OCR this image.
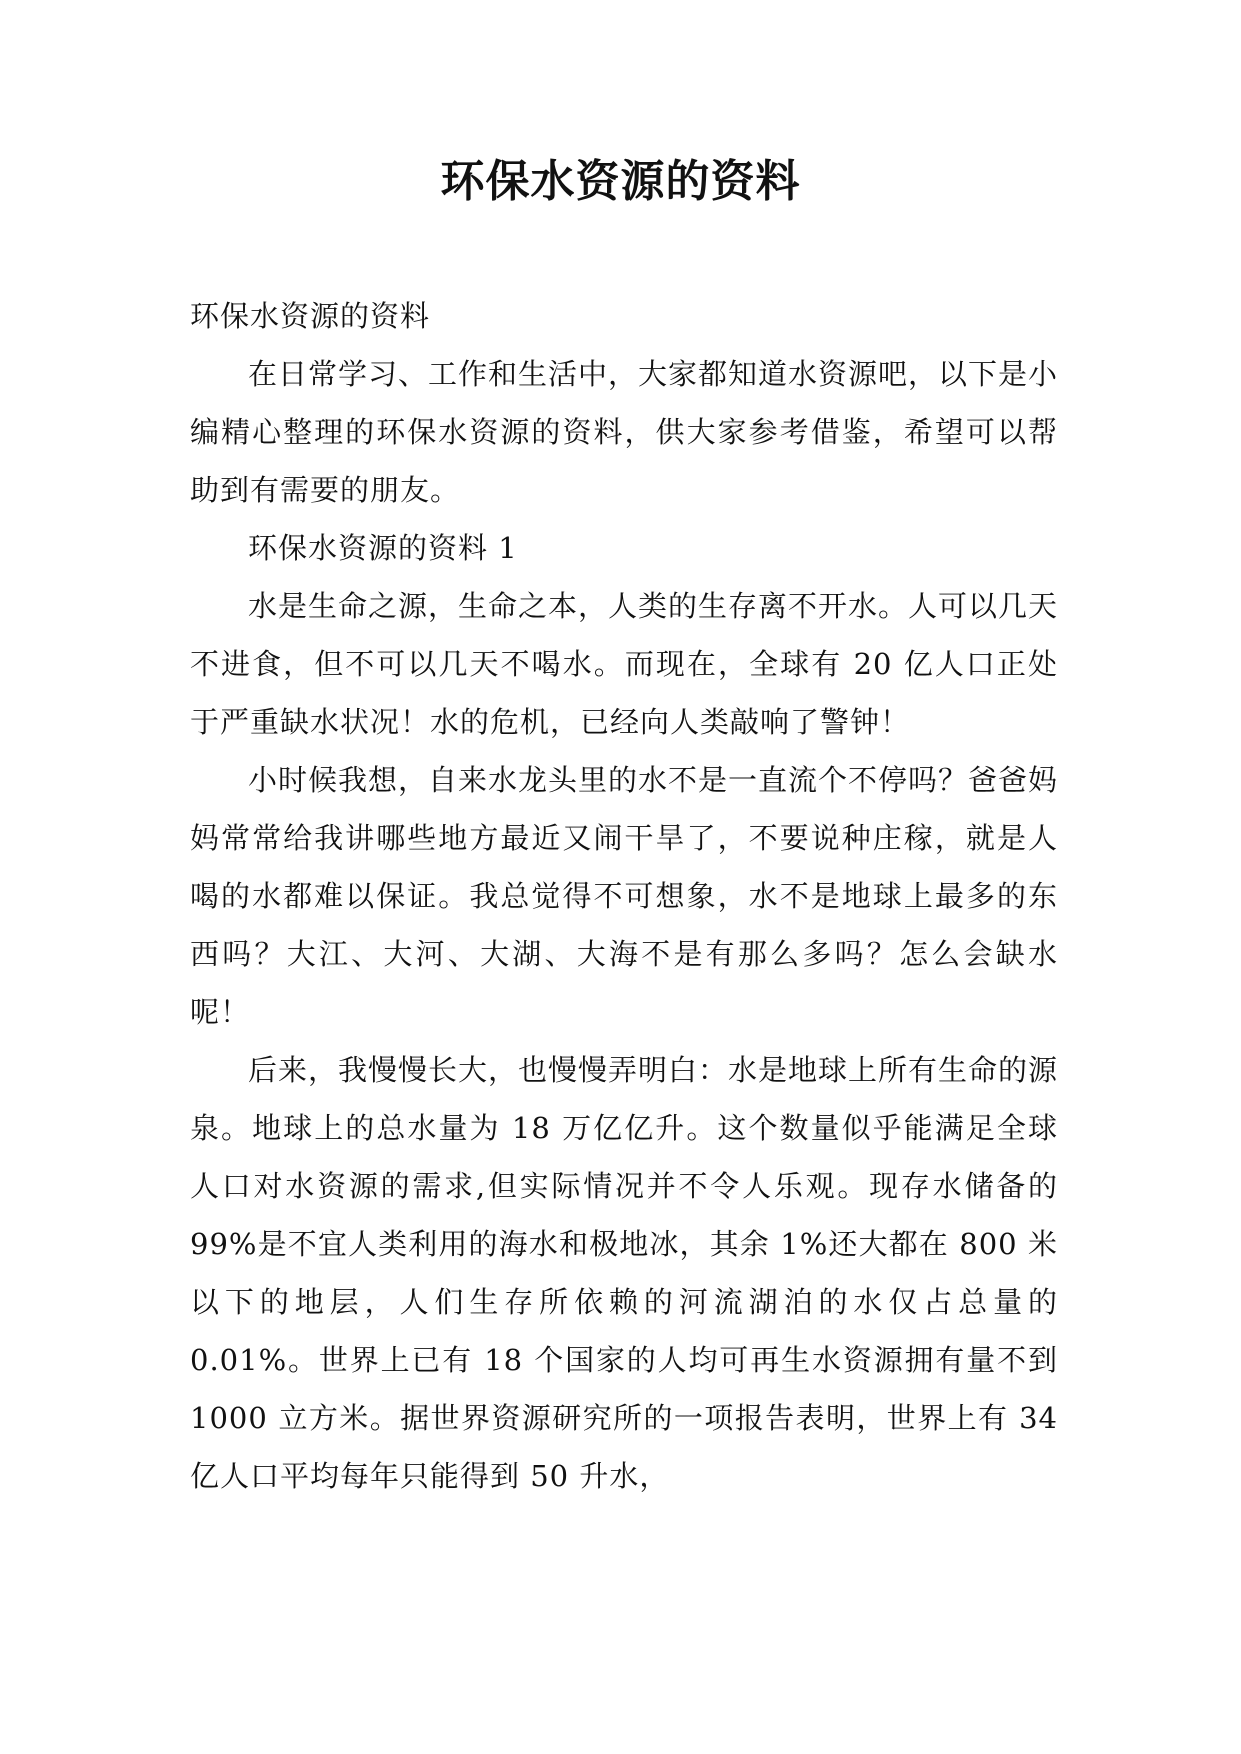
环保水资源的资料

环保水资源的资料

在日常学习、工作和生活中，大家都知道水资源吧，以下是小编精心整理的环保水资源的资料，供大家参考借鉴，希望可以帮助到有需要的朋友。

环保水资源的资料 1

水是生命之源，生命之本，人类的生存离不开水。人可以几天不进食，但不可以几天不喝水。而现在，全球有 20 亿人口正处于严重缺水状况！水的危机，已经向人类敲响了警钟！

小时候我想，自来水龙头里的水不是一直流个不停吗？爸爸妈妈常常给我讲哪些地方最近又闹干旱了，不要说种庄稼，就是人喝的水都难以保证。我总觉得不可想象，水不是地球上最多的东西吗？大江、大河、大湖、大海不是有那么多吗？怎么会缺水呢！

后来，我慢慢长大，也慢慢弄明白：水是地球上所有生命的源泉。地球上的总水量为 18 万亿亿升。这个数量似乎能满足全球人口对水资源的需求,但实际情况并不令人乐观。现存水储备的 99%是不宜人类利用的海水和极地冰，其余 1%还大都在 800 米以下的地层，人们生存所依赖的河流湖泊的水仅占总量的 0.01%。世界上已有 18 个国家的人均可再生水资源拥有量不到 1000 立方米。据世界资源研究所的一项报告表明，世界上有 34 亿人口平均每年只能得到 50 升水，
